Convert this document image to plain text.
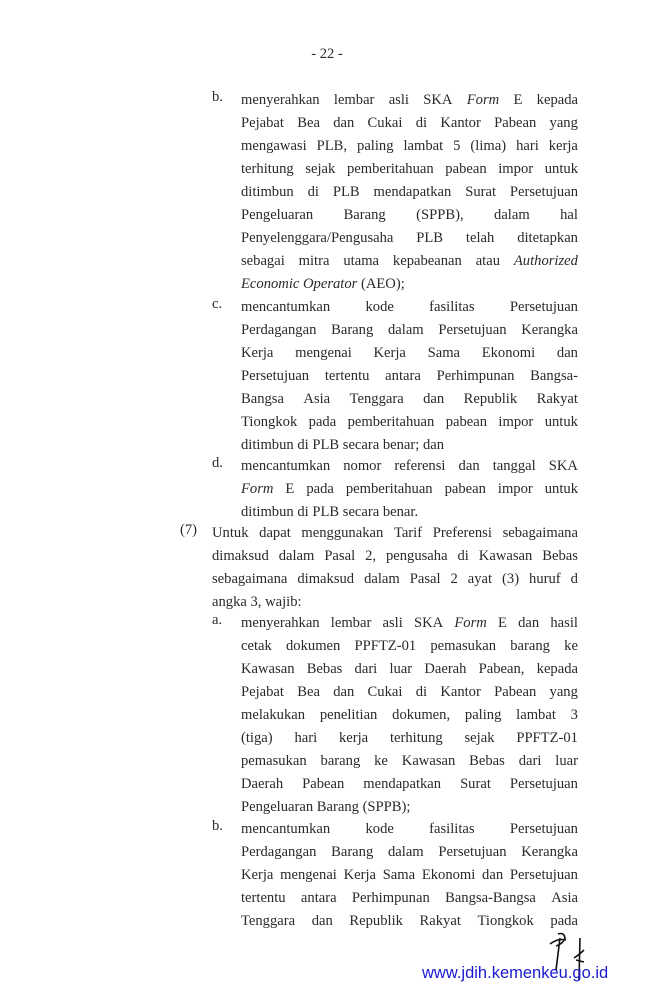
- 22 -
b. menyerahkan lembar asli SKA Form E kepada
Pejabat Bea dan Cukai di Kantor Pabean yang
mengawasi PLB, paling lambat 5 (lima) hari kerja
terhitung sejak pemberitahuan pabean impor untuk
ditimbun di PLB mendapatkan Surat Persetujuan
Pengeluaran Barang (SPPB), dalam hal
Penyelenggara/Pengusaha PLB telah ditetapkan
sebagai mitra utama kepabeanan atau Authorized
Economic Operator (AEO);
c. mencantumkan kode fasilitas Persetujuan
Perdagangan Barang dalam Persetujuan Kerangka
Kerja mengenai Kerja Sama Ekonomi dan
Persetujuan tertentu antara Perhimpunan Bangsa-
Bangsa Asia Tenggara dan Republik Rakyat
Tiongkok pada pemberitahuan pabean impor untuk
ditimbun di PLB secara benar; dan
d. mencantumkan nomor referensi dan tanggal SKA
Form E pada pemberitahuan pabean impor untuk
ditimbun di PLB secara benar.
(7) Untuk dapat menggunakan Tarif Preferensi sebagaimana
dimaksud dalam Pasal 2, pengusaha di Kawasan Bebas
sebagaimana dimaksud dalam Pasal 2 ayat (3) huruf d
angka 3, wajib:
a. menyerahkan lembar asli SKA Form E dan hasil
cetak dokumen PPFTZ-01 pemasukan barang ke
Kawasan Bebas dari luar Daerah Pabean, kepada
Pejabat Bea dan Cukai di Kantor Pabean yang
melakukan penelitian dokumen, paling lambat 3
(tiga) hari kerja terhitung sejak PPFTZ-01
pemasukan barang ke Kawasan Bebas dari luar
Daerah Pabean mendapatkan Surat Persetujuan
Pengeluaran Barang (SPPB);
b. mencantumkan kode fasilitas Persetujuan
Perdagangan Barang dalam Persetujuan Kerangka
Kerja mengenai Kerja Sama Ekonomi dan Persetujuan
tertentu antara Perhimpunan Bangsa-Bangsa Asia
Tenggara dan Republik Rakyat Tiongkok pada
www.jdih.kemenkeu.go.id
